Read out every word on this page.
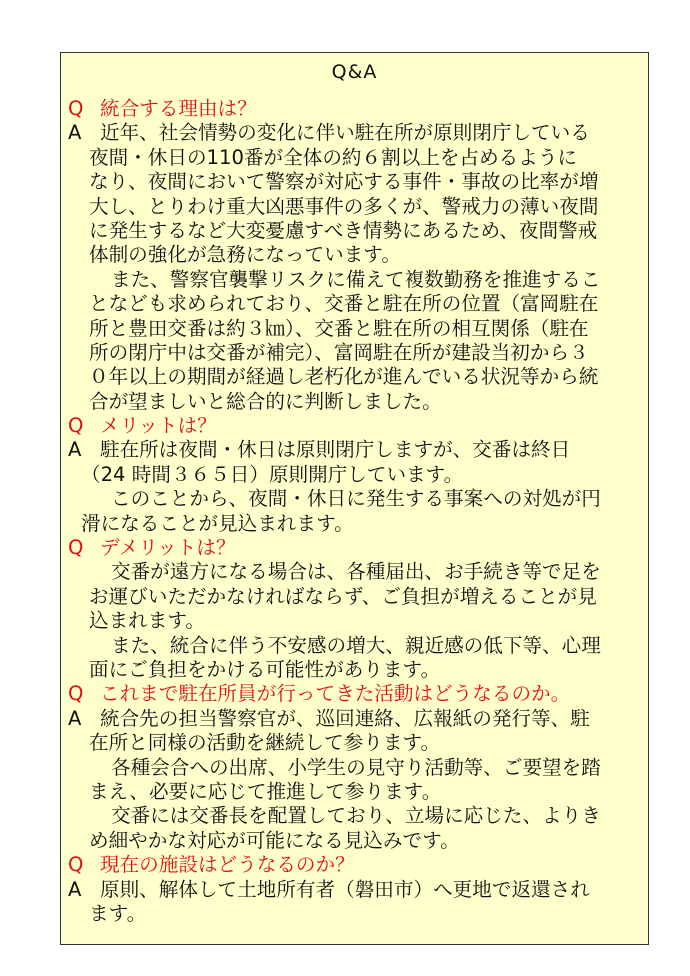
Q&A
Q 統合する理由は？
A 近年、社会情勢の変化に伴い駐在所が原則閉庁している
夜間・休日の110番が全体の約６割以上を占めるように
なり、夜間において警察が対応する事件・事故の比率が増
大し、とりわけ重大凶悪事件の多くが、警戒力の薄い夜間
に発生するなど大変憂慮すべき情勢にあるため、夜間警戒
体制の強化が急務になっています。
また、警察官襲撃リスクに備えて複数勤務を推進するこ
となども求められており、交番と駐在所の位置（富岡駐在
所と豊田交番は約３㎞）、交番と駐在所の相互関係（駐在
所の閉庁中は交番が補完）、富岡駐在所が建設当初から３
０年以上の期間が経過し老朽化が進んでいる状況等から統
合が望ましいと総合的に判断しました。
Q メリットは？
A 駐在所は夜間・休日は原則閉庁しますが、交番は終日
（24 時間３６５日）原則開庁しています。
このことから、夜間・休日に発生する事案への対処が円
滑になることが見込まれます。
Q デメリットは？
交番が遠方になる場合は、各種届出、お手続き等で足を
お運びいただかなければならず、ご負担が増えることが見
込まれます。
また、統合に伴う不安感の増大、親近感の低下等、心理
面にご負担をかける可能性があります。
Q これまで駐在所員が行ってきた活動はどうなるのか。
A 統合先の担当警察官が、巡回連絡、広報紙の発行等、駐
在所と同様の活動を継続して参ります。
各種会合への出席、小学生の見守り活動等、ご要望を踏
まえ、必要に応じて推進して参ります。
交番には交番長を配置しており、立場に応じた、よりき
め細やかな対応が可能になる見込みです。
Q 現在の施設はどうなるのか？
A 原則、解体して土地所有者（磐田市）へ更地で返還され
ます。
